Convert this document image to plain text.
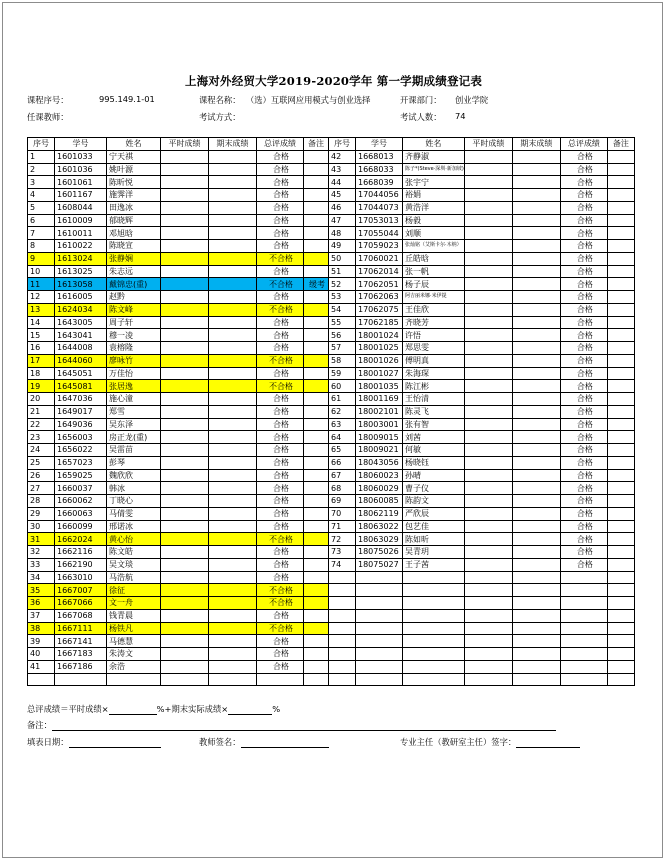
上海对外经贸大学2019-2020学年 第一学期成绩登记表
课程序号：	995.149.1-01	课程名称： （选）互联网应用模式与创业选择	开课部门： 创业学院
任课教师：	考试方式：	考试人数： 74
序号	学号	姓名	平时成绩	期末成绩	总评成绩	备注
1	1601033	宁天祺			合格	
2	1601036	姚叶源			合格	
3	1601061	陈昕悦			合格	
4	1601167	施霁洋			合格	
5	1608044	田逸冰			合格	
6	1610009	郁晓辉			合格	
7	1610011	邓旭晗			合格	
8	1610022	陈晓宣			合格	
9	1613024	张静娴			不合格	
10	1613025	朱志远			合格	
11	1613058	戴锦忠(重)			不合格	缓考
12	1616005	赵黔			合格	
13	1624034	陈文峰			不合格	
14	1643005	周子轩			合格	
15	1643041	穆一凌			合格	
16	1644008	袁榕隆			合格	
17	1644060	廖咏竹			不合格	
18	1645051	万佳怡			合格	
19	1645081	张居逸			不合格	
20	1647036	施心潼			合格	
21	1649017	郑雪			合格	
22	1649036	吴东泽			合格	
23	1656003	房正龙(重)			合格	
24	1656022	吴雷苗			合格	
25	1657023	彭琴			合格	
26	1659025	魏欣欣			合格	
27	1660037	韩冰			合格	
28	1660062	丁晓心			合格	
29	1660063	马倩雯			合格	
30	1660099	邢诺冰			合格	
31	1662024	黄心怡			不合格	
32	1662116	陈文皓			合格	
33	1662190	吴文琰			合格	
34	1663010	马浩航			合格	
35	1667007	徐征			不合格	
36	1667066	文一舟			不合格	
37	1667068	钱青晨			合格	
38	1667111	杨铁凡			不合格	
39	1667141	马德慧			合格	
40	1667183	朱涛文			合格	
41	1667186	余浩			合格	

序号	学号	姓名	平时成绩	期末成绩	总评成绩	备注
42	1668013	齐静淑			合格	
43	1668033	陈子*(Steve·深圳·新加坡)			合格	
44	1668039	张宇宁			合格	
45	17044056	裕娟			合格	
46	17044073	黄浩洋			合格	
47	17053013	杨毅			合格	
48	17055044	刘顺			合格	
49	17059023	张灿铭（艾斯卡尔·木纳）			合格	
50	17060021	丘皓晗			合格	
51	17062014	张一帆			合格	
52	17062051	杨子辰			合格	
53	17062063	阿吉丽米娜·米伊提			合格	
54	17062075	王佳欣			合格	
55	17062185	齐晓芳			合格	
56	18001024	许悟			合格	
57	18001025	郑思雯			合格	
58	18001026	傅明真			合格	
59	18001027	朱海琛			合格	
60	18001035	陈江彬			合格	
61	18001169	王怡清			合格	
62	18002101	陈灵飞			合格	
63	18003001	张有智			合格	
64	18009015	刘茜			合格	
65	18009021	何敏			合格	
66	18043056	杨晓钰			合格	
67	18060023	孙晴			合格	
68	18060029	曹子仪			合格	
69	18060085	陈韵文			合格	
70	18062119	严欣辰			合格	
71	18063022	包艺佳			合格	
72	18063029	陈如昕			合格	
73	18075026	吴青玥			合格	
74	18075027	王子茜			合格	

总评成绩＝平时成绩×	%+期末实际成绩×	%
备注：
填表日期：	教师签名：	专业主任（教研室主任）签字：
